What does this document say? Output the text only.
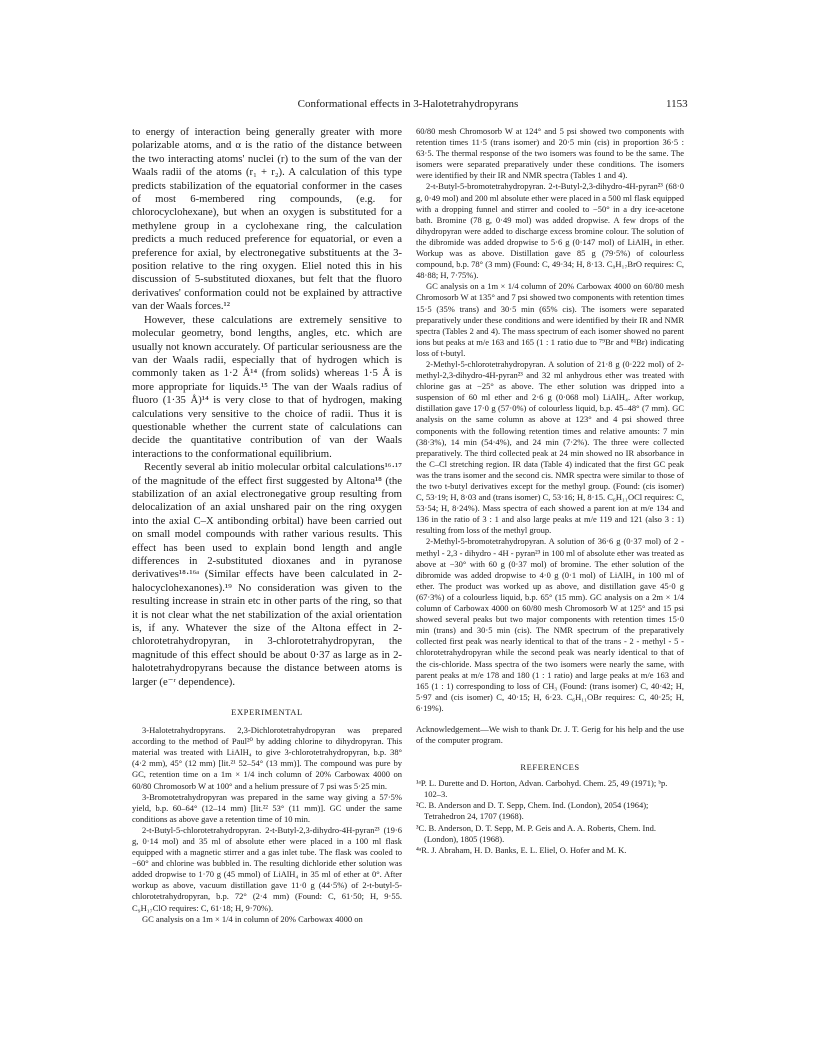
Conformational effects in 3-Halotetrahydropyrans	1153

to energy of interaction being generally greater with more polarizable atoms, and α is the ratio of the distance between the two interacting atoms' nuclei (r) to the sum of the van der Waals radii of the atoms (r₁ + r₂). A calculation of this type predicts stabilization of the equatorial conformer in the cases of most 6-membered ring compounds, (e.g. for chlorocyclohexane), but when an oxygen is substituted for a methylene group in a cyclohexane ring, the calculation predicts a much reduced preference for equatorial, or even a preference for axial, by electronegative substituents at the 3-position relative to the ring oxygen. Eliel noted this in his discussion of 5-substituted dioxanes, but felt that the fluoro derivatives' conformation could not be explained by attractive van der Waals forces.¹²

However, these calculations are extremely sensitive to molecular geometry, bond lengths, angles, etc. which are usually not known accurately. Of particular seriousness are the van der Waals radii, especially that of hydrogen which is commonly taken as 1·2 Å¹⁴ (from solids) whereas 1·5 Å is more appropriate for liquids.¹⁵ The van der Waals radius of fluoro (1·35 Å)¹⁴ is very close to that of hydrogen, making calculations very sensitive to the choice of radii. Thus it is questionable whether the current state of calculations can decide the quantitative contribution of van der Waals interactions to the conformational equilibrium.

Recently several ab initio molecular orbital calculations¹⁶·¹⁷ of the magnitude of the effect first suggested by Altona¹⁸ (the stabilization of an axial electronegative group resulting from delocalization of an axial unshared pair on the ring oxygen into the axial C–X antibonding orbital) have been carried out on small model compounds with rather various results. This effect has been used to explain bond length and angle differences in 2-substituted dioxanes and in pyranose derivatives¹⁸·¹⁶ᵃ (Similar effects have been calculated in 2-halocyclohexanones).¹⁹ No consideration was given to the resulting increase in strain etc in other parts of the ring, so that it is not clear what the net stabilization of the axial orientation is, if any. Whatever the size of the Altona effect in 2-chlorotetrahydropyran, in 3-chlorotetrahydropyran, the magnitude of this effect should be about 0·37 as large as in 2-halotetrahydropyrans because the distance between atoms is larger (e⁻ʳ dependence).

EXPERIMENTAL

3-Halotetrahydropyrans. 2,3-Dichlorotetrahydropyran was prepared according to the method of Paul²⁰ by adding chlorine to dihydropyran. This material was treated with LiAlH₄ to give 3-chlorotetrahydropyran, b.p. 38° (4·2 mm), 45° (12 mm) [lit.²¹ 52–54° (13 mm)]. The compound was pure by GC, retention time on a 1m × 1/4 inch column of 20% Carbowax 4000 on 60/80 Chromosorb W at 100° and a helium pressure of 7 psi was 5·25 min.

3-Bromotetrahydropyran was prepared in the same way giving a 57·5% yield, b.p. 60–64° (12–14 mm) [lit.²² 53° (11 mm)]. GC under the same conditions as above gave a retention time of 10 min.

2-t-Butyl-5-chlorotetrahydropyran. 2-t-Butyl-2,3-dihydro-4H-pyran²³ (19·6 g, 0·14 mol) and 35 ml of absolute ether were placed in a 100 ml flask equipped with a magnetic stirrer and a gas inlet tube. The flask was cooled to −60° and chlorine was bubbled in. The resulting dichloride ether solution was added dropwise to 1·70 g (45 mmol) of LiAlH₄ in 35 ml of ether at 0°. After workup as above, vacuum distillation gave 11·0 g (44·5%) of 2-t-butyl-5-chlorotetrahydropyran, b.p. 72° (2·4 mm) (Found: C, 61·50; H, 9·55. C₉H₁₇ClO requires: C, 61·18; H, 9·70%).

GC analysis on a 1m × 1/4 in column of 20% Carbowax 4000 on

60/80 mesh Chromosorb W at 124° and 5 psi showed two components with retention times 11·5 (trans isomer) and 20·5 min (cis) in proportion 36·5 : 63·5. The thermal response of the two isomers was found to be the same. The isomers were separated preparatively under these conditions. The isomers were identified by their IR and NMR spectra (Tables 1 and 4).

2-t-Butyl-5-bromotetrahydropyran. 2-t-Butyl-2,3-dihydro-4H-pyran²³ (68·0 g, 0·49 mol) and 200 ml absolute ether were placed in a 500 ml flask equipped with a dropping funnel and stirrer and cooled to −50° in a dry ice-acetone bath. Bromine (78 g, 0·49 mol) was added dropwise. A few drops of the dihydropyran were added to discharge excess bromine colour. The solution of the dibromide was added dropwise to 5·6 g (0·147 mol) of LiAlH₄ in ether. Workup was as above. Distillation gave 85 g (79·5%) of colourless compound, b.p. 78° (3 mm) (Found: C, 49·34; H, 8·13. C₉H₁₇BrO requires: C, 48·88; H, 7·75%).

GC analysis on a 1m × 1/4 column of 20% Carbowax 4000 on 60/80 mesh Chromosorb W at 135° and 7 psi showed two components with retention times 15·5 (35% trans) and 30·5 min (65% cis). The isomers were separated preparatively under these conditions and were identified by their IR and NMR spectra (Tables 2 and 4). The mass spectrum of each isomer showed no parent ions but peaks at m/e 163 and 165 (1 : 1 ratio due to ⁷⁹Br and ⁸¹Br) indicating loss of t-butyl.

2-Methyl-5-chlorotetrahydropyran. A solution of 21·8 g (0·222 mol) of 2-methyl-2,3-dihydro-4H-pyran²³ and 32 ml anhydrous ether was treated with chlorine gas at −25° as above. The ether solution was dripped into a suspension of 60 ml ether and 2·6 g (0·068 mol) LiAlH₄. After workup, distillation gave 17·0 g (57·0%) of colourless liquid, b.p. 45–48° (7 mm). GC analysis on the same column as above at 123° and 4 psi showed three components with the following retention times and relative amounts: 7 min (38·3%), 14 min (54·4%), and 24 min (7·2%). The three were collected preparatively. The third collected peak at 24 min showed no IR absorbance in the C–Cl stretching region. IR data (Table 4) indicated that the first GC peak was the trans isomer and the second cis. NMR spectra were similar to those of the two t-butyl derivatives except for the methyl group. (Found: (cis isomer) C, 53·19; H, 8·03 and (trans isomer) C, 53·16; H, 8·15. C₆H₁₁OCl requires: C, 53·54; H, 8·24%). Mass spectra of each showed a parent ion at m/e 134 and 136 in the ratio of 3 : 1 and also large peaks at m/e 119 and 121 (also 3 : 1) resulting from loss of the methyl group.

2-Methyl-5-bromotetrahydropyran. A solution of 36·6 g (0·37 mol) of 2 - methyl - 2,3 - dihydro - 4H - pyran²³ in 100 ml of absolute ether was treated as above at −30° with 60 g (0·37 mol) of bromine. The ether solution of the dibromide was added dropwise to 4·0 g (0·1 mol) of LiAlH₄ in 100 ml of ether. The product was worked up as above, and distillation gave 45·0 g (67·3%) of a colourless liquid, b.p. 65° (15 mm). GC analysis on a 2m × 1/4 column of Carbowax 4000 on 60/80 mesh Chromosorb W at 125° and 15 psi showed several peaks but two major components with retention times 15·0 min (trans) and 30·5 min (cis). The NMR spectrum of the preparatively collected first peak was nearly identical to that of the trans - 2 - methyl - 5 - chlorotetrahydropyran while the second peak was nearly identical to that of the cis-chloride. Mass spectra of the two isomers were nearly the same, with parent peaks at m/e 178 and 180 (1 : 1 ratio) and large peaks at m/e 163 and 165 (1 : 1) corresponding to loss of CH₃ (Found: (trans isomer) C, 40·42; H, 5·97 and (cis isomer) C, 40·15; H, 6·23. C₆H₁₁OBr requires: C, 40·25; H, 6·19%).

Acknowledgement—We wish to thank Dr. J. T. Gerig for his help and the use of the computer program.

REFERENCES

¹ᵃP. L. Durette and D. Horton, Advan. Carbohyd. Chem. 25, 49 (1971); ᵇp. 102–3.

²C. B. Anderson and D. T. Sepp, Chem. Ind. (London), 2054 (1964); Tetrahedron 24, 1707 (1968).

³C. B. Anderson, D. T. Sepp, M. P. Geis and A. A. Roberts, Chem. Ind. (London), 1805 (1968).

⁴ᵃR. J. Abraham, H. D. Banks, E. L. Eliel, O. Hofer and M. K.
